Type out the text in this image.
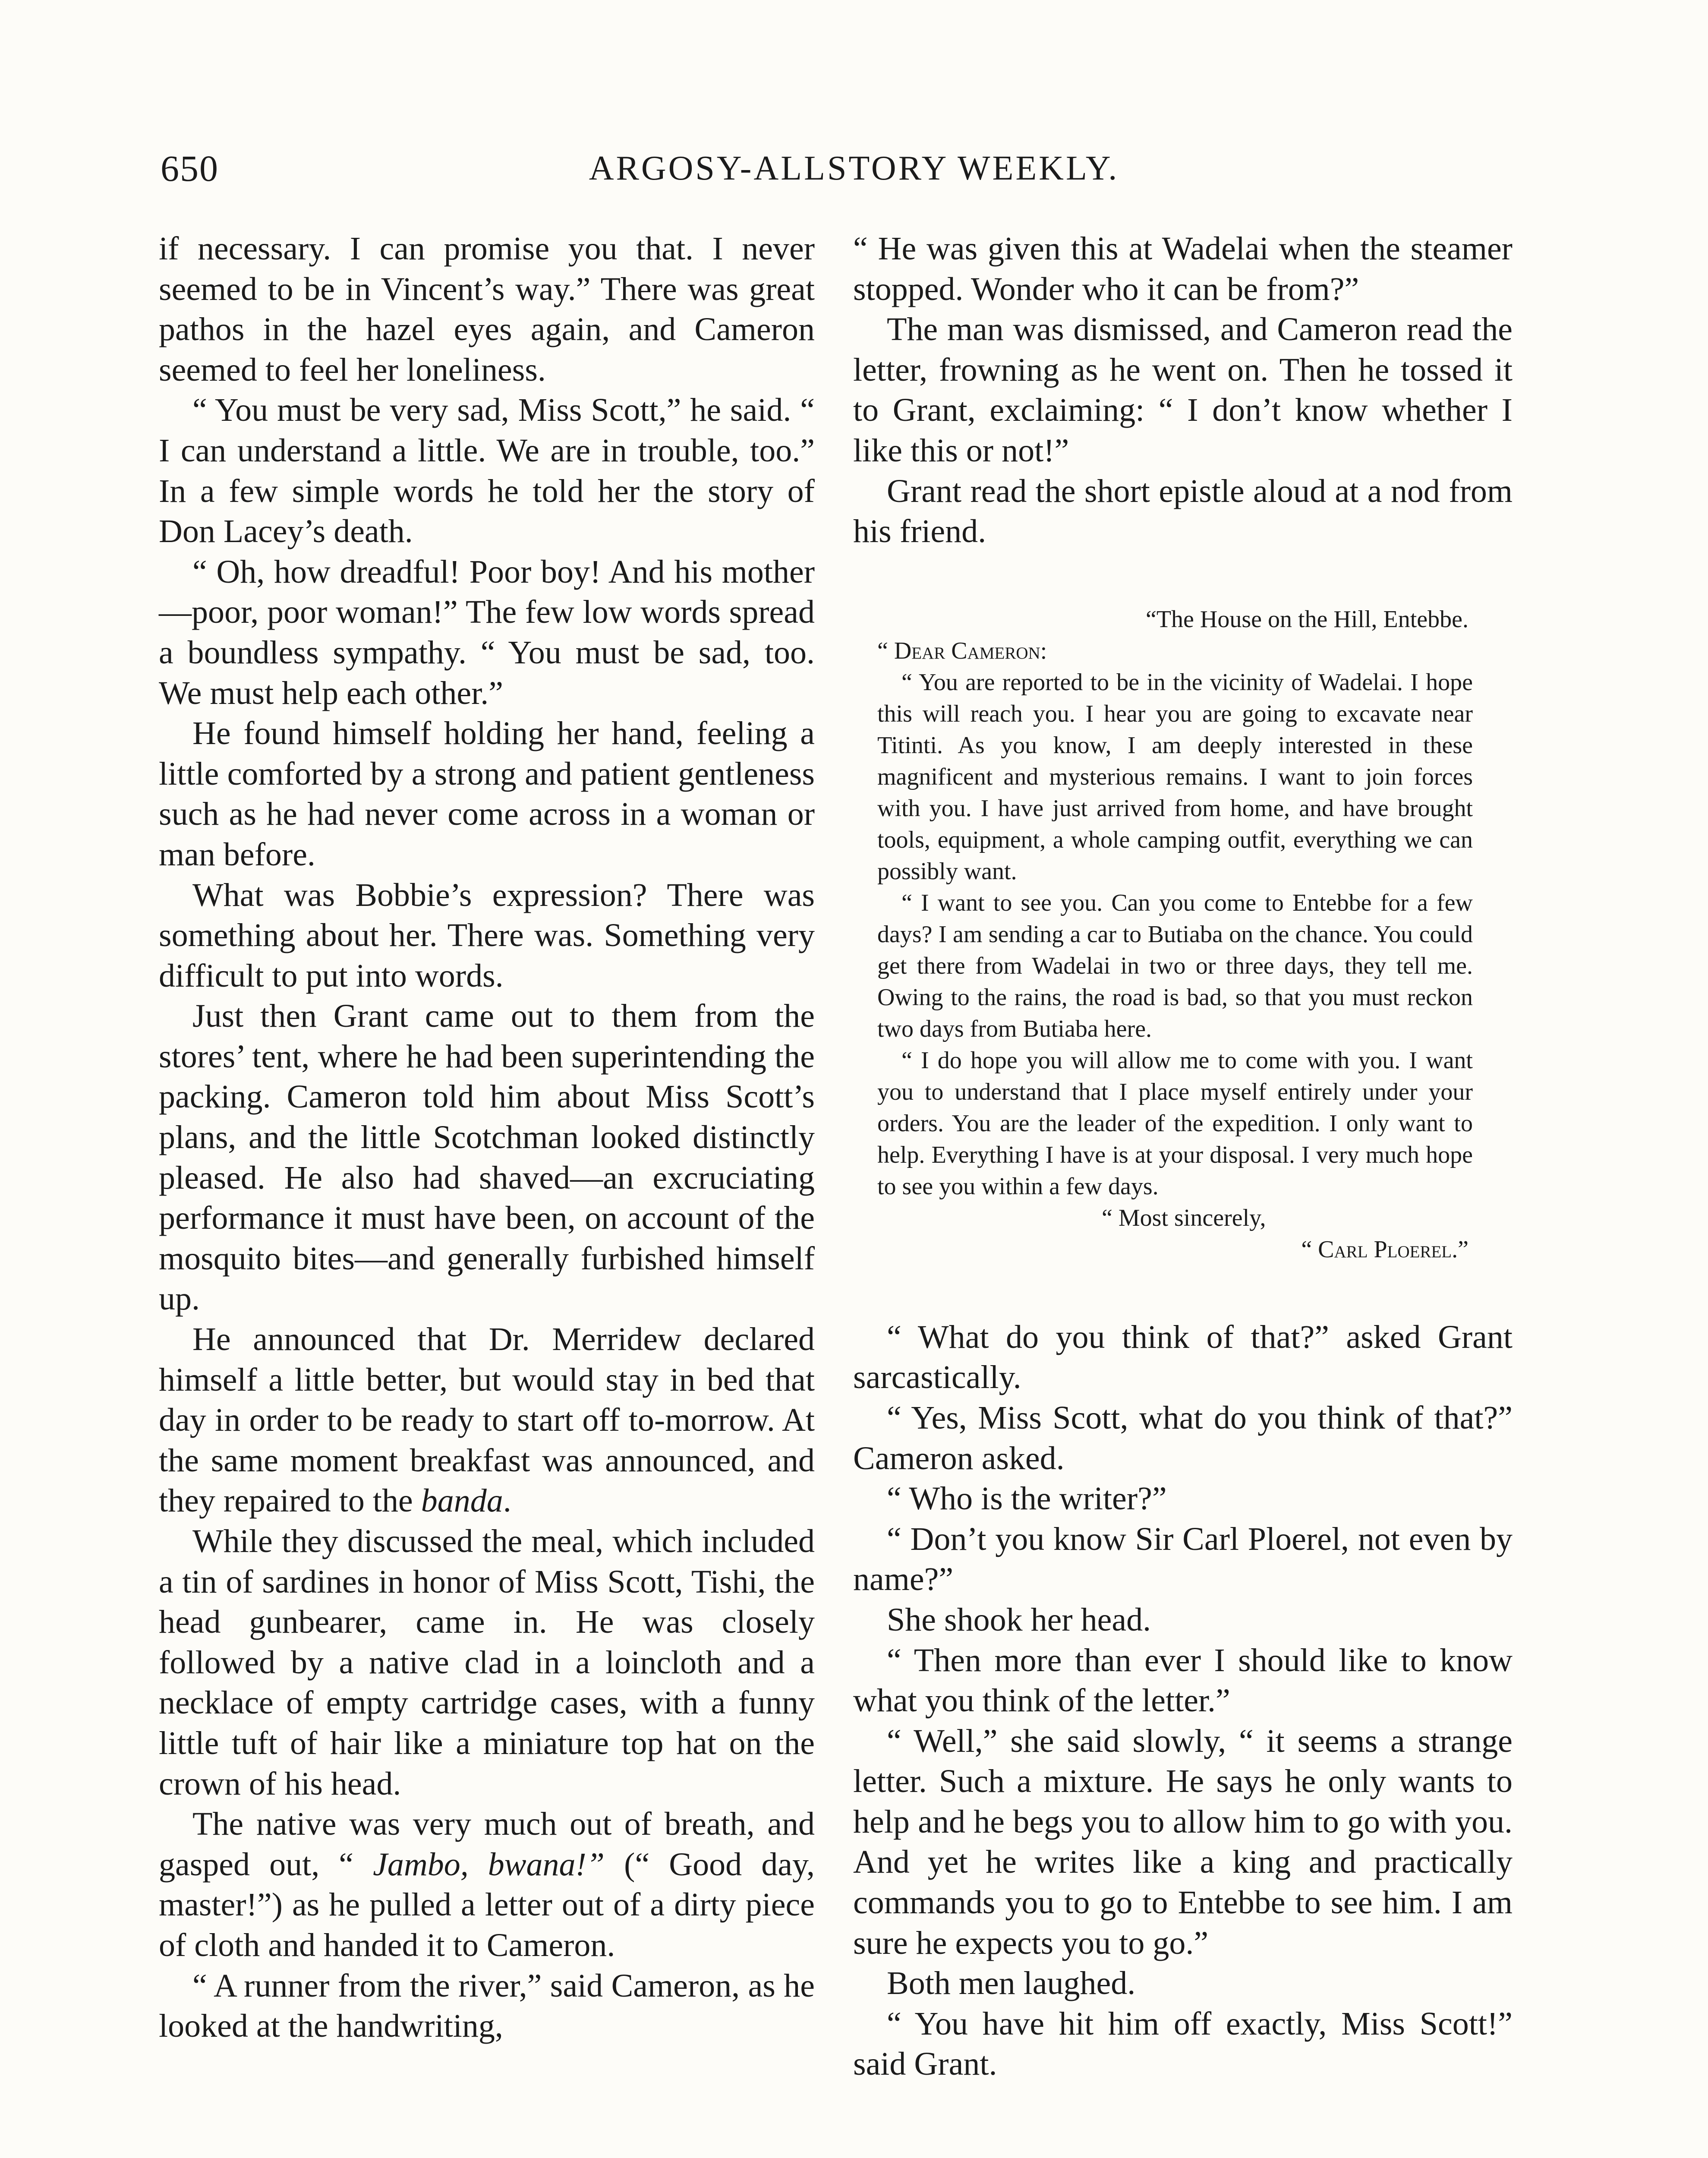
650	ARGOSY-ALLSTORY WEEKLY.

if necessary. I can promise you that. I never seemed to be in Vincent’s way.” There was great pathos in the hazel eyes again, and Cameron seemed to feel her loneliness.

“ You must be very sad, Miss Scott,” he said. “ I can understand a little. We are in trouble, too.” In a few simple words he told her the story of Don Lacey’s death.

“ Oh, how dreadful! Poor boy! And his mother—poor, poor woman!” The few low words spread a boundless sympathy. “ You must be sad, too. We must help each other.”

He found himself holding her hand, feeling a little comforted by a strong and patient gentleness such as he had never come across in a woman or man before.

What was Bobbie’s expression? There was something about her. There was. Something very difficult to put into words.

Just then Grant came out to them from the stores’ tent, where he had been superintending the packing. Cameron told him about Miss Scott’s plans, and the little Scotchman looked distinctly pleased. He also had shaved—an excruciating performance it must have been, on account of the mosquito bites—and generally furbished himself up.

He announced that Dr. Merridew declared himself a little better, but would stay in bed that day in order to be ready to start off to-morrow. At the same moment breakfast was announced, and they repaired to the banda.

While they discussed the meal, which included a tin of sardines in honor of Miss Scott, Tishi, the head gunbearer, came in. He was closely followed by a native clad in a loincloth and a necklace of empty cartridge cases, with a funny little tuft of hair like a miniature top hat on the crown of his head.

The native was very much out of breath, and gasped out, “ Jambo, bwana!” (“ Good day, master!”) as he pulled a letter out of a dirty piece of cloth and handed it to Cameron.

“ A runner from the river,” said Cameron, as he looked at the handwriting,

“ He was given this at Wadelai when the steamer stopped. Wonder who it can be from?”

The man was dismissed, and Cameron read the letter, frowning as he went on. Then he tossed it to Grant, exclaiming: “ I don’t know whether I like this or not!”

Grant read the short epistle aloud at a nod from his friend.

“The House on the Hill, Entebbe.

“ Dear Cameron:

“ You are reported to be in the vicinity of Wadelai. I hope this will reach you. I hear you are going to excavate near Titinti. As you know, I am deeply interested in these magnificent and mysterious remains. I want to join forces with you. I have just arrived from home, and have brought tools, equipment, a whole camping outfit, everything we can possibly want.

“ I want to see you. Can you come to Entebbe for a few days? I am sending a car to Butiaba on the chance. You could get there from Wadelai in two or three days, they tell me. Owing to the rains, the road is bad, so that you must reckon two days from Butiaba here.

“ I do hope you will allow me to come with you. I want you to understand that I place myself entirely under your orders. You are the leader of the expedition. I only want to help. Everything I have is at your disposal. I very much hope to see you within a few days.

“ Most sincerely,

“ Carl Ploerel.”

“ What do you think of that?” asked Grant sarcastically.

“ Yes, Miss Scott, what do you think of that?” Cameron asked.

“ Who is the writer?”

“ Don’t you know Sir Carl Ploerel, not even by name?”

She shook her head.

“ Then more than ever I should like to know what you think of the letter.”

“ Well,” she said slowly, “ it seems a strange letter. Such a mixture. He says he only wants to help and he begs you to allow him to go with you. And yet he writes like a king and practically commands you to go to Entebbe to see him. I am sure he expects you to go.”

Both men laughed.

“ You have hit him off exactly, Miss Scott!” said Grant.
